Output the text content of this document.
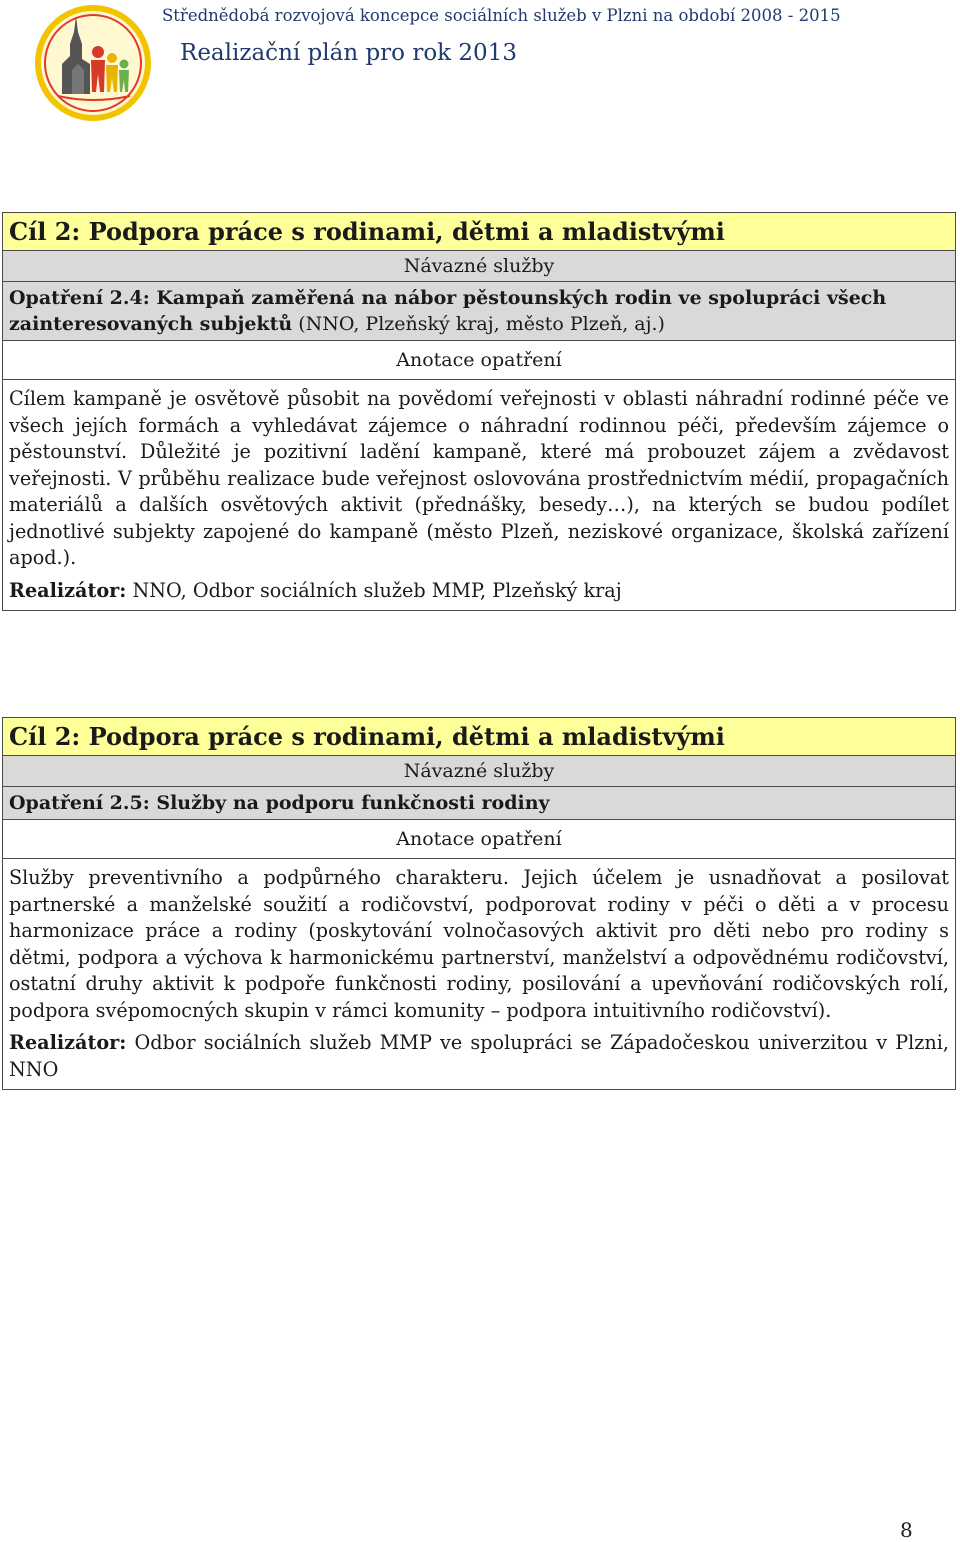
Střednědobá rozvojová koncepce sociálních služeb v Plzni na období 2008 - 2015
Realizační plán pro rok 2013
Cíl 2: Podpora práce s rodinami, dětmi a mladistvými
Návazné služby
Opatření 2.4: Kampaň zaměřená na nábor pěstounských rodin ve spolupráci všech zainteresovaných subjektů (NNO, Plzeňský kraj, město Plzeň, aj.)
Anotace opatření

Cílem kampaně je osvětově působit na povědomí veřejnosti v oblasti náhradní rodinné péče ve všech jejích formách a vyhledávat zájemce o náhradní rodinnou péči, především zájemce o pěstounství. Důležité je pozitivní ladění kampaně, které má probouzet zájem a zvědavost veřejnosti. V průběhu realizace bude veřejnost oslovována prostřednictvím médií, propagačních materiálů a dalších osvětových aktivit (přednášky, besedy…), na kterých se budou podílet jednotlivé subjekty zapojené do kampaně (město Plzeň, neziskové organizace, školská zařízení apod.).

Realizátor: NNO, Odbor sociálních služeb MMP, Plzeňský kraj

Cíl 2: Podpora práce s rodinami, dětmi a mladistvými
Návazné služby
Opatření 2.5: Služby na podporu funkčnosti rodiny
Anotace opatření

Služby preventivního a podpůrného charakteru. Jejich účelem je usnadňovat a posilovat partnerské a manželské soužití a rodičovství, podporovat rodiny v péči o děti a v procesu harmonizace práce a rodiny (poskytování volnočasových aktivit pro děti nebo pro rodiny s dětmi, podpora a výchova k harmonickému partnerství, manželství a odpovědnému rodičovství, ostatní druhy aktivit k podpoře funkčnosti rodiny, posilování a upevňování rodičovských rolí, podpora svépomocných skupin v rámci komunity – podpora intuitivního rodičovství).

Realizátor: Odbor sociálních služeb MMP ve spolupráci se Západočeskou univerzitou v Plzni, NNO

8
